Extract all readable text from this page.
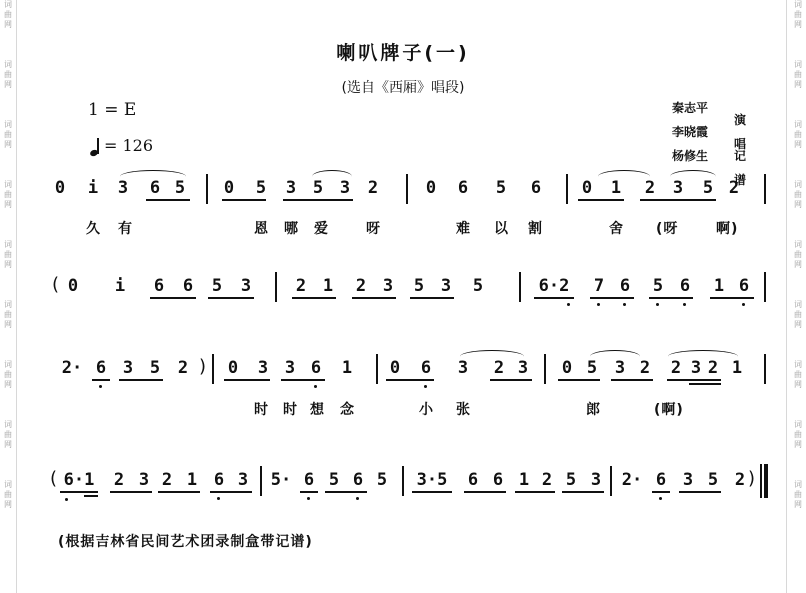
词
曲
网
词
曲
网
词
曲
网
词
曲
网
词
曲
网
词
曲
网
词
曲
网
词
曲
网
词
曲
网
词
曲
网
词
曲
网
词
曲
网
词
曲
网
词
曲
网
词
曲
网
词
曲
网
词
曲
网
词
曲
网

喇叭牌子(一)
(选自《西厢》唱段)
1 = E
= 126
秦志平
李晓霞
杨修生
演唱
记谱
0 i 3 6 5 0 5 3 5 3 2	0 6 5 6 0 1 2 3 5 2
久 有	恩 哪 爱	呀	难 以 割	舍 (呀	啊)
( 0 i 6 6 5 3	2 1 2 3 5 3 5	6·2 7 6 5 6 1 6
2· 6 3 5 2 ) 0 3 3 6 1 0 6 3 2 3 0 5 3 2 2 3 2 1

时 时 想 念	小 张	郎	(啊)

( 6·1 2 3 2 1 6 3 5· 6 5 6 5 3·5 6 6 1 2 5 3 2· 6 3 5 2 )
(根据吉林省民间艺术团录制盒带记谱)
